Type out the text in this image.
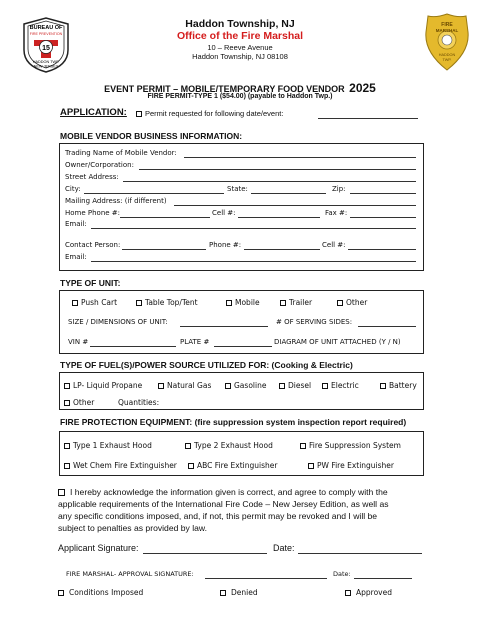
BUREAU OF
FIRE PREVENTION
15
HADDON TWP.
NEW JERSEY
FIRE
MARSHAL
HADDON
TWP.
Haddon Township, NJ
Office of the Fire Marshal
10 – Reeve Avenue
Haddon Township, NJ 08108
EVENT PERMIT – MOBILE/TEMPORARY FOOD VENDOR 2025
FIRE PERMIT-TYPE 1 ($54.00) (payable to Haddon Twp.)
APPLICATION:	Permit requested for following date/event:
MOBILE VENDOR BUSINESS INFORMATION:
Trading Name of Mobile Vendor:
Owner/Corporation:
Street Address:
City:	State:	Zip:
Mailing Address: (if different)
Home Phone #:	Cell #:	Fax #:
Email:
Contact Person:	Phone #:	Cell #:
Email:
TYPE OF UNIT:
Push Cart	Table Top/Tent	Mobile	Trailer	Other
SIZE / DIMENSIONS OF UNIT:	# OF SERVING SIDES:
VIN #	PLATE #	DIAGRAM OF UNIT ATTACHED (Y / N)
TYPE OF FUEL(S)/POWER SOURCE UTILIZED FOR: (Cooking & Electric)
LP- Liquid Propane	Natural Gas	Gasoline	Diesel	Electric	Battery
Other	Quantities:
FIRE PROTECTION EQUIPMENT: (fire suppression system inspection report required)
Type 1 Exhaust Hood	Type 2 Exhaust Hood	Fire Suppression System
Wet Chem Fire Extinguisher	ABC Fire Extinguisher	PW Fire Extinguisher
I hereby acknowledge the information given is correct, and agree to comply with the
applicable requirements of the International Fire Code – New Jersey Edition, as well as
any specific conditions imposed, and, if not, this permit may be revoked and I will be
subject to penalties as provided by law.
Applicant Signature:	Date:
FIRE MARSHAL- APPROVAL SIGNATURE:	Date:
Conditions Imposed	Denied	Approved
